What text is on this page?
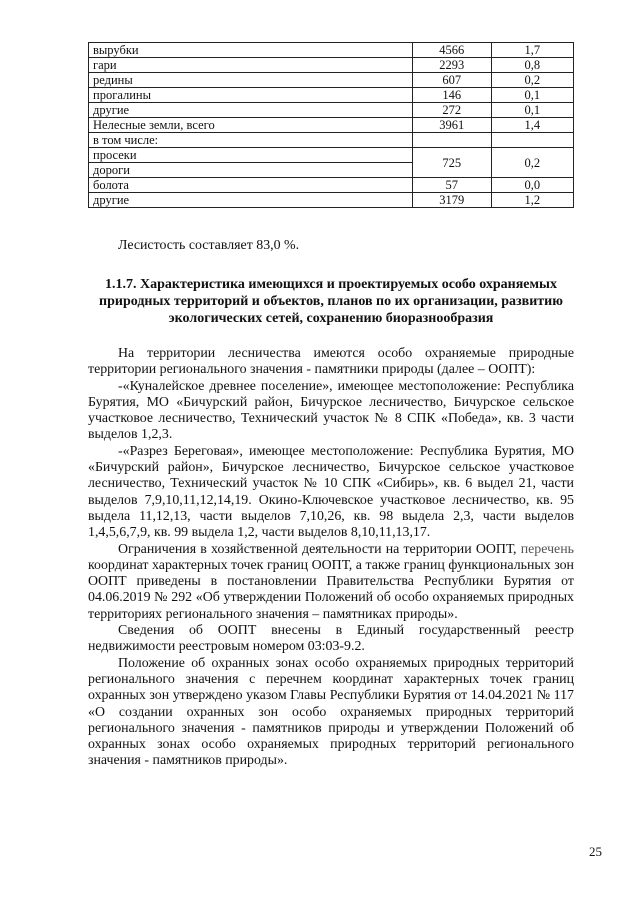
вырубки	4566	1,7
гари	2293	0,8
редины	607	0,2
прогалины	146	0,1
другие	272	0,1
Нелесные земли, всего	3961	1,4
в том числе:		
просеки	725	0,2
дороги		
болота	57	0,0
другие	3179	1,2
Лесистость составляет 83,0 %.
1.1.7. Характеристика имеющихся и проектируемых особо охраняемых природных территорий и объектов, планов по их организации, развитию экологических сетей, сохранению биоразнообразия

На территории лесничества имеются особо охраняемые природные территории регионального значения - памятники природы (далее – ООПТ):

-«Куналейское древнее поселение», имеющее местоположение: Республика Бурятия, МО «Бичурский район, Бичурское лесничество, Бичурское сельское участковое лесничество, Технический участок № 8 СПК «Победа», кв. 3 части выделов 1,2,3.

-«Разрез Береговая», имеющее местоположение: Республика Бурятия, МО «Бичурский район», Бичурское лесничество, Бичурское сельское участковое лесничество, Технический участок № 10 СПК «Сибирь», кв. 6 выдел 21, части выделов 7,9,10,11,12,14,19. Окино-Ключевское участковое лесничество, кв. 95 выдела 11,12,13, части выделов 7,10,26, кв. 98 выдела 2,3, части выделов 1,4,5,6,7,9, кв. 99 выдела 1,2, части выделов 8,10,11,13,17.

Ограничения в хозяйственной деятельности на территории ООПТ, перечень координат характерных точек границ ООПТ, а также границ функциональных зон ООПТ приведены в постановлении Правительства Республики Бурятия от 04.06.2019 № 292 «Об утверждении Положений об особо охраняемых природных территориях регионального значения – памятниках природы».

Сведения об ООПТ внесены в Единый государственный реестр недвижимости реестровым номером 03:03-9.2.

Положение об охранных зонах особо охраняемых природных территорий регионального значения с перечнем координат характерных точек границ охранных зон утверждено указом Главы Республики Бурятия от 14.04.2021 № 117 «О создании охранных зон особо охраняемых природных территорий регионального значения - памятников природы и утверждении Положений об охранных зонах особо охраняемых природных территорий регионального значения - памятников природы».

25
